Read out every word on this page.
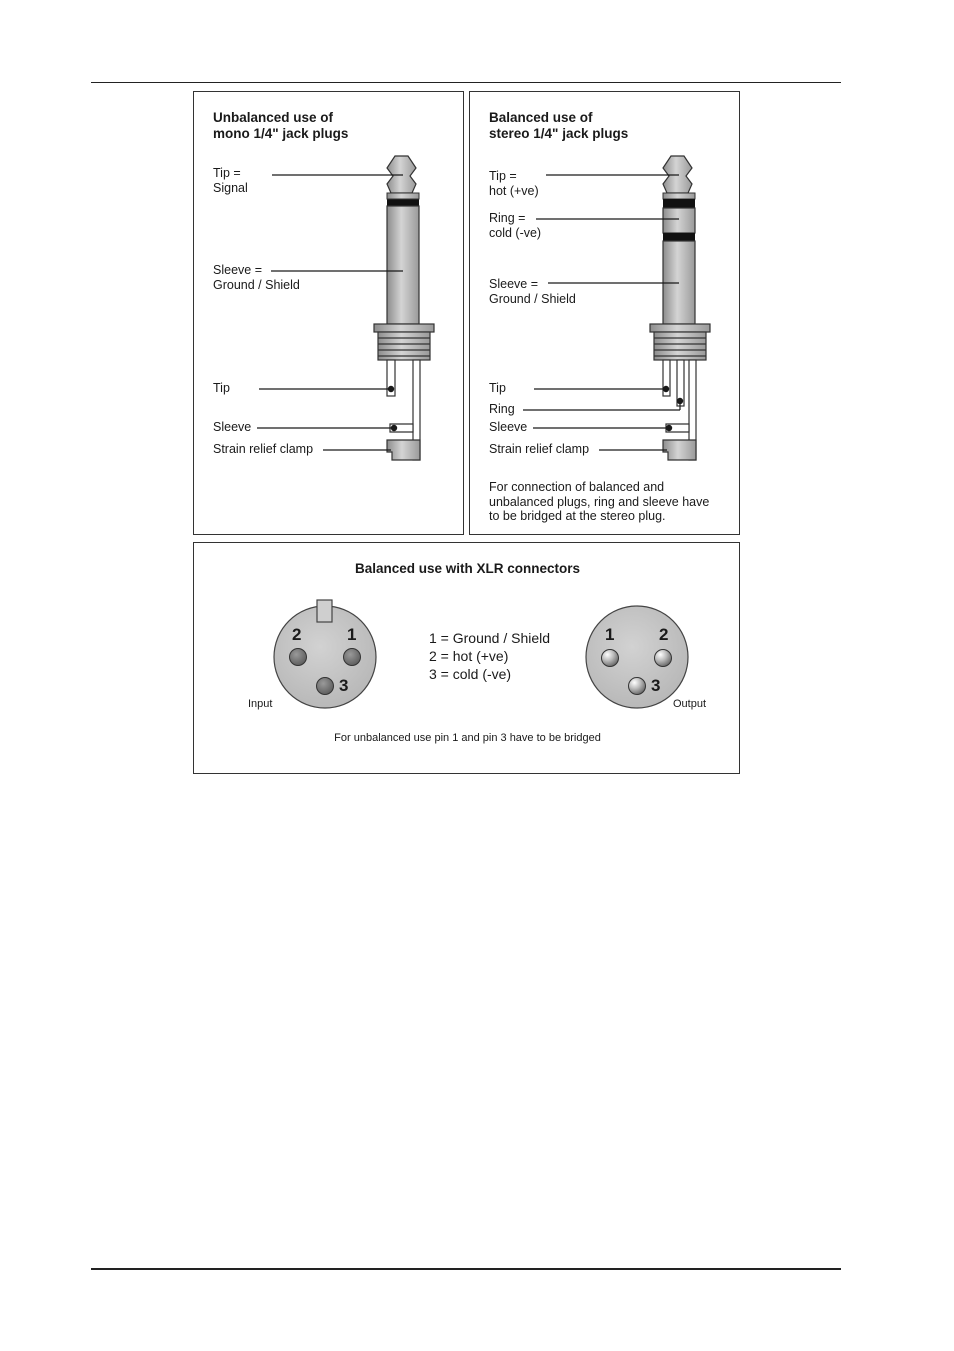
Unbalanced use of
mono 1/4" jack plugs
Tip =
Signal
Sleeve =
Ground / Shield
Tip
Sleeve
Strain relief clamp
Balanced use of
stereo 1/4" jack plugs
Tip =
hot (+ve)
Ring =
cold (-ve)
Sleeve =
Ground / Shield
Tip
Ring
Sleeve
Strain relief clamp
For connection of balanced and
unbalanced plugs, ring and sleeve have
to be bridged at the stereo plug.
Balanced use with XLR connectors
1 = Ground / Shield
2 = hot (+ve)
3 = cold (-ve)
2	1
3
1	2
3
Input	Output
For unbalanced use pin 1 and pin 3 have to be bridged
